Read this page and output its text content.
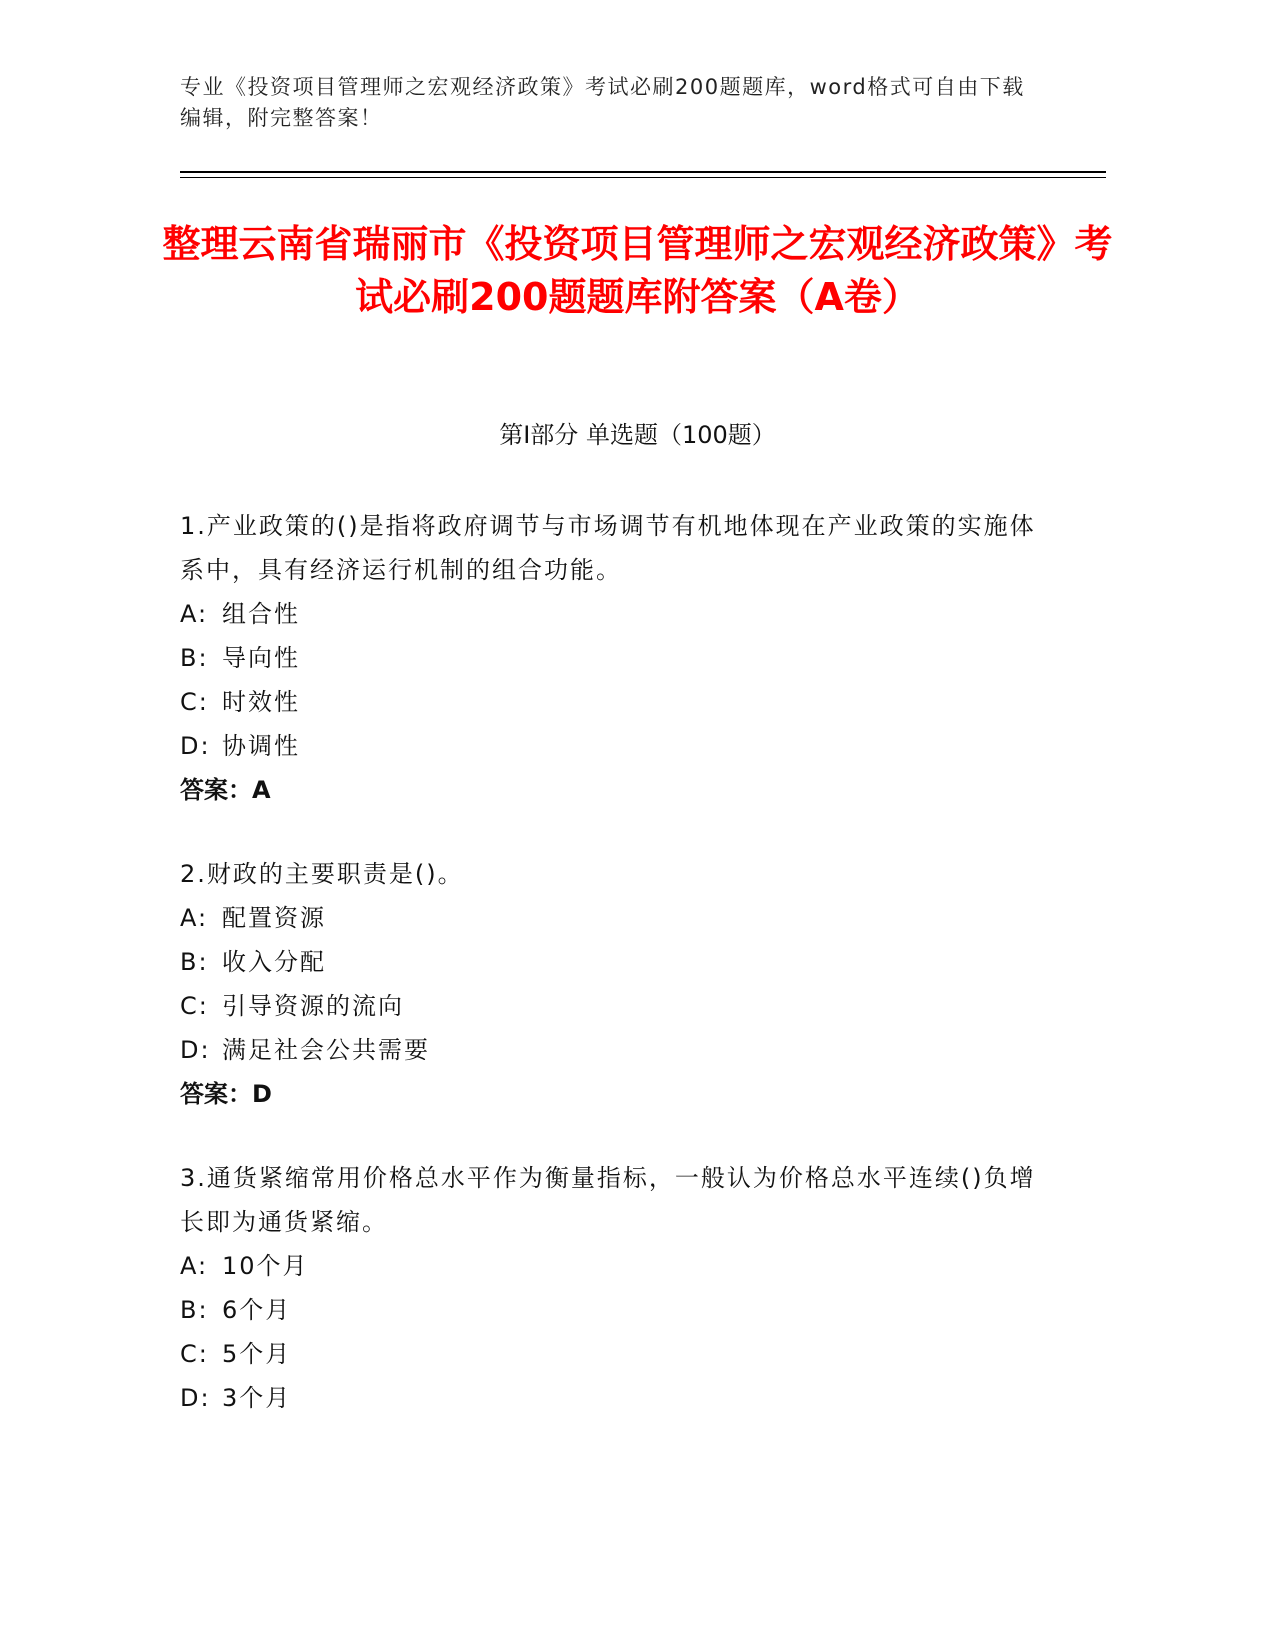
专业《投资项目管理师之宏观经济政策》考试必刷200题题库，word格式可自由下载编辑，附完整答案！
整理云南省瑞丽市《投资项目管理师之宏观经济政策》考试必刷200题题库附答案（A卷）
第Ⅰ部分 单选题（100题）
1.产业政策的()是指将政府调节与市场调节有机地体现在产业政策的实施体系中，具有经济运行机制的组合功能。
A: 组合性
B: 导向性
C: 时效性
D: 协调性
答案：A
2.财政的主要职责是()。
A: 配置资源
B: 收入分配
C: 引导资源的流向
D: 满足社会公共需要
答案：D
3.通货紧缩常用价格总水平作为衡量指标，一般认为价格总水平连续()负增长即为通货紧缩。
A: 10个月
B: 6个月
C: 5个月
D: 3个月
